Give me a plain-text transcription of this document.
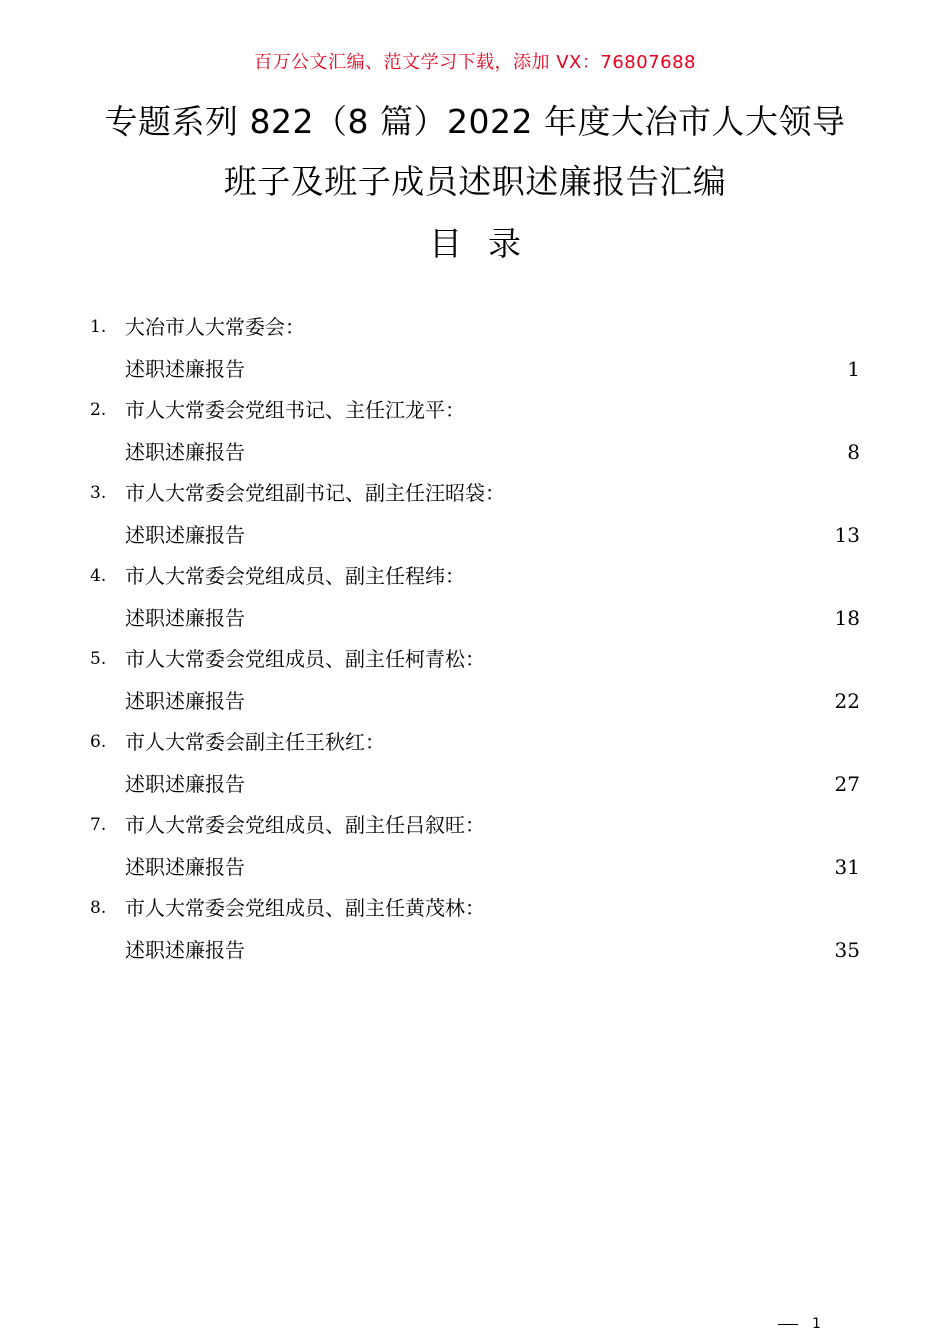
百万公文汇编、范文学习下载，添加 VX：76807688
专题系列 822（8 篇）2022 年度大冶市人大领导
班子及班子成员述职述廉报告汇编
目录
1. 大冶市人大常委会：
述职述廉报告	1
2. 市人大常委会党组书记、主任江龙平：
述职述廉报告	8
3. 市人大常委会党组副书记、副主任汪昭袋：
述职述廉报告	13
4. 市人大常委会党组成员、副主任程纬：
述职述廉报告	18
5. 市人大常委会党组成员、副主任柯青松：
述职述廉报告	22
6. 市人大常委会副主任王秋红：
述职述廉报告	27
7. 市人大常委会党组成员、副主任吕叙旺：
述职述廉报告	31
8. 市人大常委会党组成员、副主任黄茂林：
述职述廉报告	35
1
